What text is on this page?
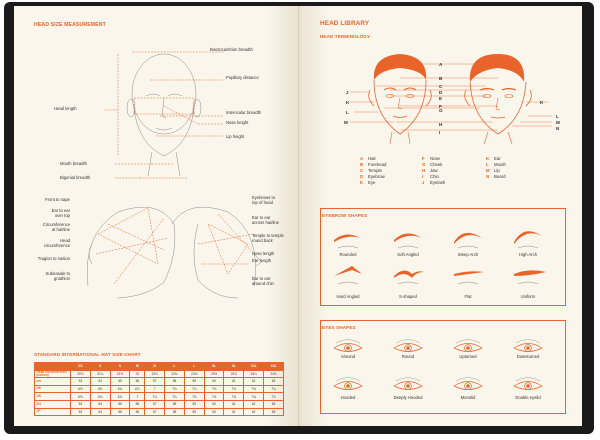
HEAD SIZE MEASUREMENT
Biectocanthion breadth
Head length
Pupillary distance
Interocular breadth
Nose height
Lip height
Mouth breadth
Bigonial breadth
Front to nape
Ear to ear
over top
Circumference
at hairline
Head
circumference
Tragion to nasion
Subnasale to
gnathion
Eyebrows to
top of head
Ear to ear
across hairline
Temple to temple
round back
Nose length
Ear length
Ear to ear
around chin
STANDARD INTERNATIONAL HAT SIZE CHART
	XS	S	S	M	M	L	L	XL	XL	XXL	XXL
Head circumference (inches)	20⅞	21¼	21⅝	22	22⅜	22¾	23⅛	23½	23⅞	24¼	24⅝
cm	53	54	55	56	57	58	59	60	61	62	63
UK	6½	6⅝	6¾	6⅞	7	7⅛	7¼	7⅜	7½	7⅝	7¾
US	6⅝	6¾	6⅞	7	7⅛	7¼	7⅜	7½	7⅝	7¾	7⅞
EU	53	54	55	56	57	58	59	60	61	62	63
JP	53	54	55	56	57	58	59	60	61	62	63
HEAD LIBRARY
HEAD TERMINOLOGY
A
B
C
D
E
F
G
H
I
J
K
L
M
K
L
M
N
A Hair
B Forehead
C Temple
D Eyebrow
E Eye
F Nose
G Cheek
H Jaw
I Chin
J Eyelash
K Ear
L Mouth
M Lip
N Beard
EYEBROW SHAPES
Rounded	Soft Angled	Steep Arch	High Arch
Hard Angled	S-shaped	Flat	Uniform
EYES SHAPES
Almond	Round	Upturned	Downturned
Hooded	Deeply Hooded	Monolid	Double eyelid
